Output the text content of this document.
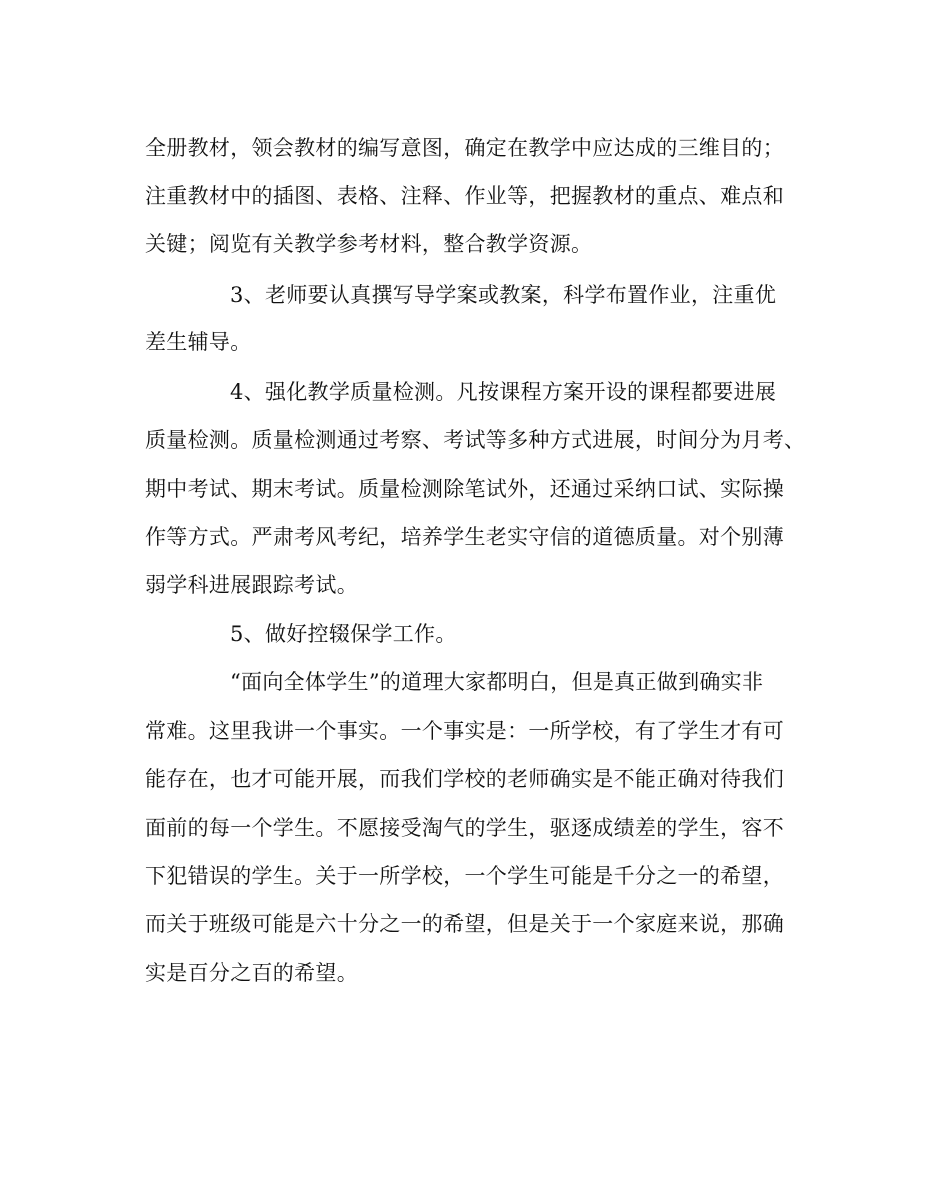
全册教材，领会教材的编写意图，确定在教学中应达成的三维目的；
注重教材中的插图、表格、注释、作业等，把握教材的重点、难点和
关键；阅览有关教学参考材料，整合教学资源。
3、老师要认真撰写导学案或教案，科学布置作业，注重优
差生辅导。
4、强化教学质量检测。凡按课程方案开设的课程都要进展
质量检测。质量检测通过考察、考试等多种方式进展，时间分为月考、
期中考试、期末考试。质量检测除笔试外，还通过采纳口试、实际操
作等方式。严肃考风考纪，培养学生老实守信的道德质量。对个别薄
弱学科进展跟踪考试。
5、做好控辍保学工作。
“面向全体学生”的道理大家都明白，但是真正做到确实非
常难。这里我讲一个事实。一个事实是：一所学校，有了学生才有可
能存在，也才可能开展，而我们学校的老师确实是不能正确对待我们
面前的每一个学生。不愿接受淘气的学生，驱逐成绩差的学生，容不
下犯错误的学生。关于一所学校，一个学生可能是千分之一的希望，
而关于班级可能是六十分之一的希望，但是关于一个家庭来说，那确
实是百分之百的希望。
